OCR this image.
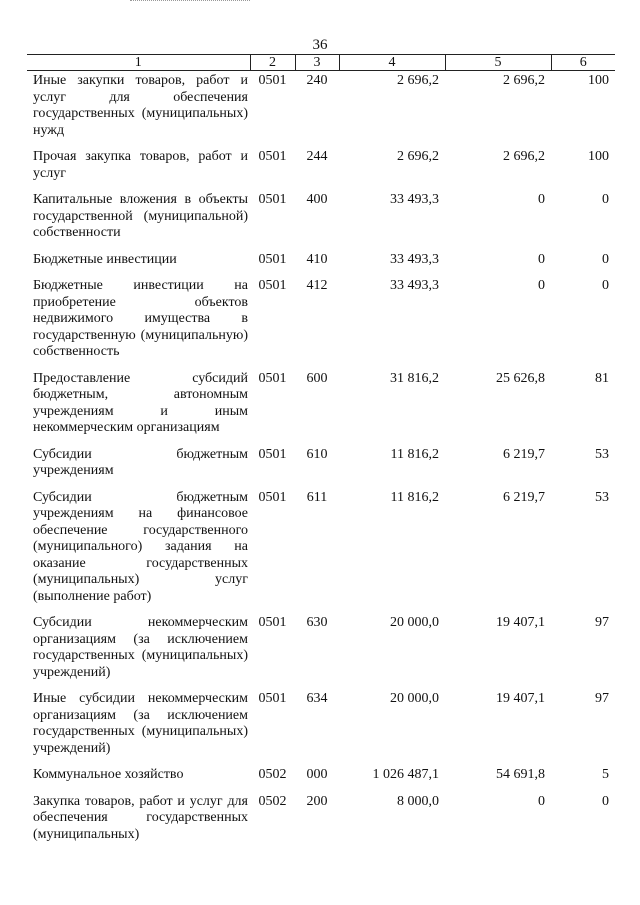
36
1	2	3	4	5	6
Иные закупки товаров, работ и услуг для обеспечения государственных (муниципальных) нужд	0501	240	2 696,2	2 696,2	100
Прочая закупка товаров, работ и услуг	0501	244	2 696,2	2 696,2	100
Капитальные вложения в объекты государственной (муниципальной) собственности	0501	400	33 493,3	0	0
Бюджетные инвестиции	0501	410	33 493,3	0	0
Бюджетные инвестиции на приобретение объектов недвижимого имущества в государственную (муниципальную) собственность	0501	412	33 493,3	0	0
Предоставление субсидий бюджетным, автономным учреждениям и иным некоммерческим организациям	0501	600	31 816,2	25 626,8	81
Субсидии бюджетным учреждениям	0501	610	11 816,2	6 219,7	53
Субсидии бюджетным учреждениям на финансовое обеспечение государственного (муниципального) задания на оказание государственных (муниципальных) услуг (выполнение работ)	0501	611	11 816,2	6 219,7	53
Субсидии некоммерческим организациям (за исключением государственных (муниципальных) учреждений)	0501	630	20 000,0	19 407,1	97
Иные субсидии некоммерческим организациям (за исключением государственных (муниципальных) учреждений)	0501	634	20 000,0	19 407,1	97
Коммунальное хозяйство	0502	000	1 026 487,1	54 691,8	5
Закупка товаров, работ и услуг для обеспечения государственных (муниципальных)	0502	200	8 000,0	0	0
